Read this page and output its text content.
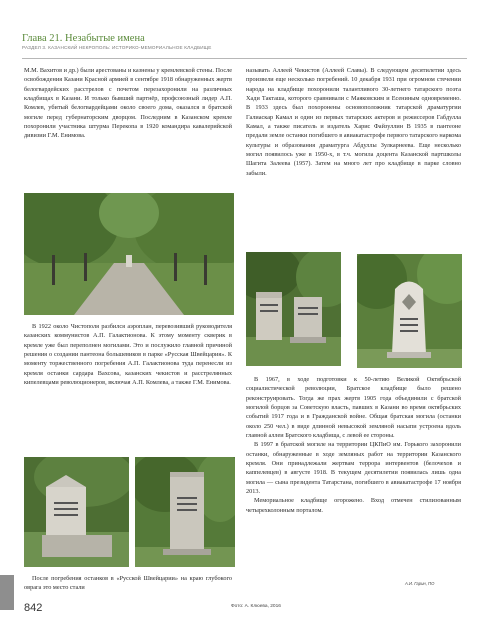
Глава 21. Незабытые имена
РАЗДЕЛ 3. КАЗАНСКИЙ НЕКРОПОЛЬ: ИСТОРИКО-МЕМОРИАЛЬНОЕ КЛАДБИЩЕ

М.М. Вахитов и др.) были арестованы и казнены у кремлевской стены. После освобождения Казани Красной армией в сентябре 1918 обнаруженных жертв белогвардейских расстрелов с почетом перезахоронили на различных кладбищах в Казани. И только бывший партнёр, профсоюзный лидер А.П. Комлев, убитый белогвардейцами около своего дома, оказался в братской могиле перед губернаторским дворцом. Последним в Казанском кремле похоронили участника штурма Перекопа в 1920 командира кавалерийской дивизии Г.М. Енимова.

называть Аллеей Чекистов (Аллеей Славы). В следующем десятилетии здесь произвели еще несколько погребений. 10 декабря 1931 при огромном стечении народа на кладбище похоронили талантливого 30-летнего татарского поэта Хади Такташа, которого сравнивали с Маяковским и Есениным одновременно. В 1933 здесь был похоронены основоположник татарской драматургии Галиаскар Камал и один из первых татарских актеров и режиссеров Габдулла Камал, а также писатель и издатель Харис Файзуллин В 1935 в пантеоне предали земле останки погибшего в авиакатастрофе первого татарского наркома культуры и образования драматурга Абдуллы Зулкарнеева. Еще несколько могил появилось уже в 1950-х, в т.ч. могила доцента Казанской партшколы Шагита Залеева (1957). Затем на много лет про кладбище в парке словно забыли.

В 1922 около Чистополя разбился аэроплан, перевозивший руководителя казанских коммунистов А.П. Галактионова. К этому моменту скверик в кремле уже был переполнен могилами. Это и послужило главной причиной решения о создании пантеона большевиков в парке «Русская Швейцария». К моменту торжественного погребения А.П. Галактионова туда перенесли из кремля останки сардара Вахсова, казанских чекистов и расстрелянных кипелевцами революционеров, включая А.П. Комлева, а также Г.М. Енимова.	В 1967, в ходе подготовки к 50-летию Великой Октябрьской социалистической революции, Братское кладбище было решено реконструировать. Тогда же прах жертв 1905 года объединили с братской могилой борцов за Советскую власть, павших в Казани во время октябрьских событий 1917 года и в Гражданской войне. Общая братская могила (останки около 250 чел.) в виде длинной невысокой земляной насыпи устроена вдоль главной аллеи Братского кладбища, с левой ее стороны.

В 1997 в братской могиле на территории ЦКПиО им. Горького захоронили останки, обнаруженные в ходе земляных работ на территории Казанского кремля. Они принадлежали жертвам террора интервентов (белочехов и каппелевцев) в августе 1918. В текущем десятилетии появилась лишь одна могила — сына президента Татарстана, погибшего в авиакатастрофе 17 ноября 2013.

Мемориальное кладбище огорожено. Вход отмечен стилизованным четырехколонным порталом.

После погребения останков в «Русской Швейцарии» на краю глубокого оврага это место стали

А.И. Гарин, ПО
842	Фото: А. Клюева, 2016
